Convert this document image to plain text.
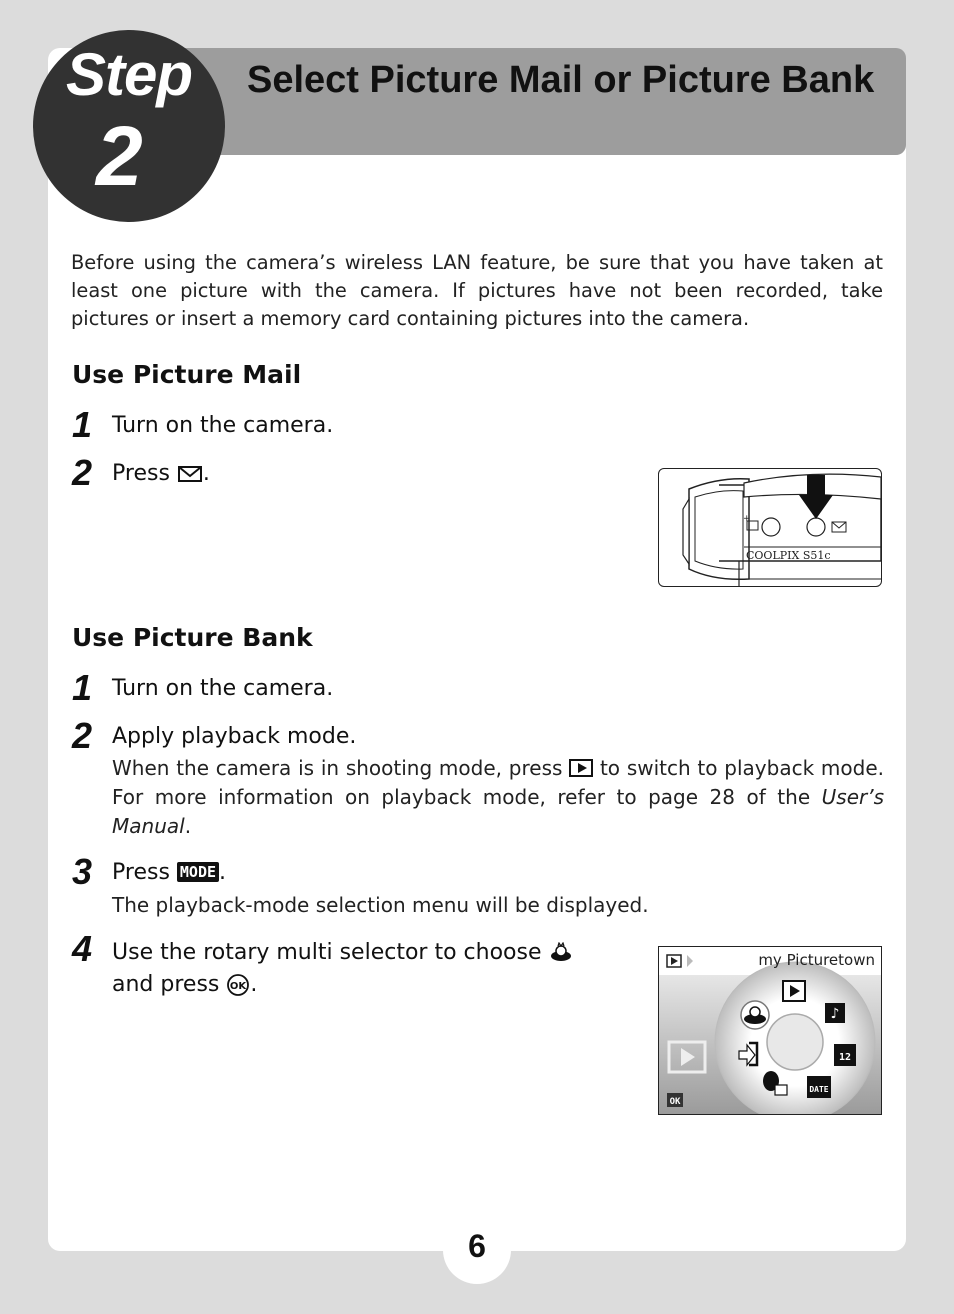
Select Picture Mail or Picture Bank
Step
2
Before using the camera’s wireless LAN feature, be sure that you have taken at least one picture with the camera. If pictures have not been recorded, take pictures or insert a memory card containing pictures into the camera.
Use Picture Mail
1 Turn on the camera.
2 Press .
+
COOLPIX S51c
Use Picture Bank
1 Turn on the camera.
2 Apply playback mode.
When the camera is in shooting mode, press to switch to playback mode. For more information on playback mode, refer to page 28 of the User’s Manual.
3 Press MODE .
The playback-mode selection menu will be displayed.
4 Use the rotary multi selector to choose
and press OK .
OK
♪
12
DATE
my Picturetown
6
